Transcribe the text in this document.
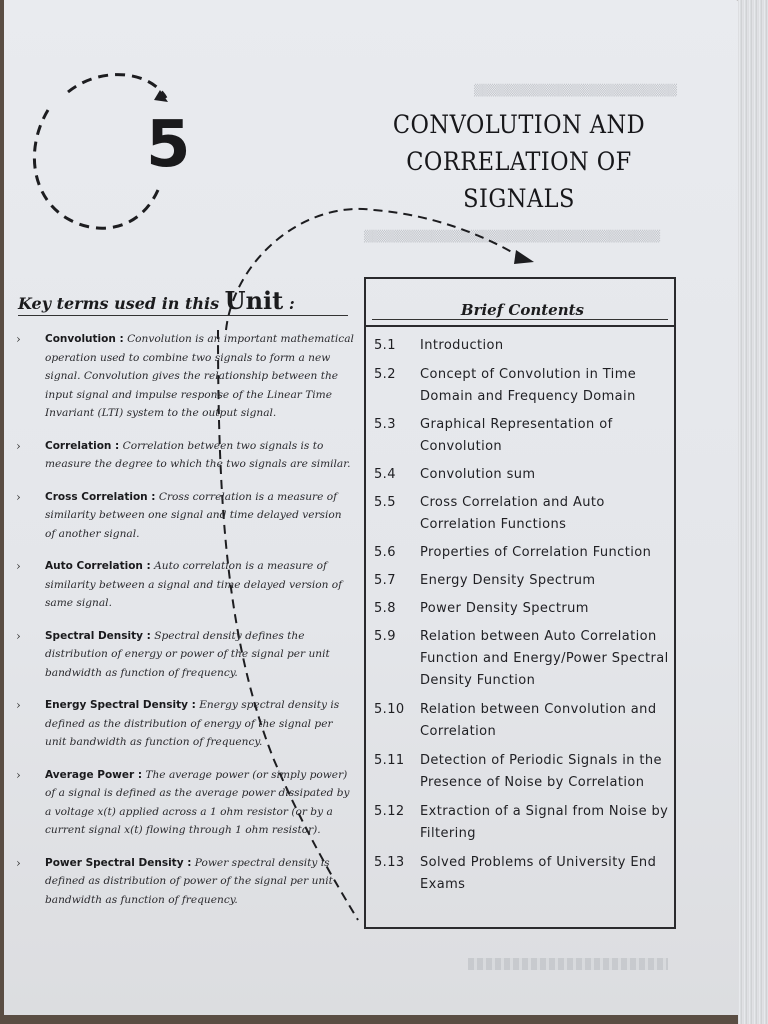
▒▒▒▒▒▒▒▒▒▒▒▒▒▒▒▒▒▒▒▒▒▒▒▒
▒▒▒▒▒▒▒▒▒▒▒▒▒▒▒▒▒▒▒▒▒▒▒▒▒▒▒▒▒▒▒▒▒▒▒
5	CONVOLUTION AND
CORRELATION OF SIGNALS
Key terms used in this Unit :
› Convolution : Convolution is an important mathematical operation used to combine two signals to form a new signal. Convolution gives the relationship between the input signal and impulse response of the Linear Time Invariant (LTI) system to the output signal.
› Correlation : Correlation between two signals is to measure the degree to which the two signals are similar.
› Cross Correlation : Cross correlation is a measure of similarity between one signal and time delayed version of another signal.
› Auto Correlation : Auto correlation is a measure of similarity between a signal and time delayed version of same signal.
› Spectral Density : Spectral density defines the distribution of energy or power of the signal per unit bandwidth as function of frequency.
› Energy Spectral Density : Energy spectral density is defined as the distribution of energy of the signal per unit bandwidth as function of frequency.
› Average Power : The average power (or simply power) of a signal is defined as the average power dissipated by a voltage x(t) applied across a 1 ohm resistor (or by a current signal x(t) flowing through 1 ohm resistor).
› Power Spectral Density : Power spectral density is defined as distribution of power of the signal per unit bandwidth as function of frequency.
Brief Contents
5.1	Introduction
5.2	Concept of Convolution in Time Domain and Frequency Domain
5.3	Graphical Representation of Convolution
5.4	Convolution sum
5.5	Cross Correlation and Auto Correlation Functions
5.6	Properties of Correlation Function
5.7	Energy Density Spectrum
5.8	Power Density Spectrum
5.9	Relation between Auto Correlation Function and Energy/Power Spectral Density Function
5.10	Relation between Convolution and Correlation
5.11	Detection of Periodic Signals in the Presence of Noise by Correlation
5.12	Extraction of a Signal from Noise by Filtering
5.13	Solved Problems of University End Exams
